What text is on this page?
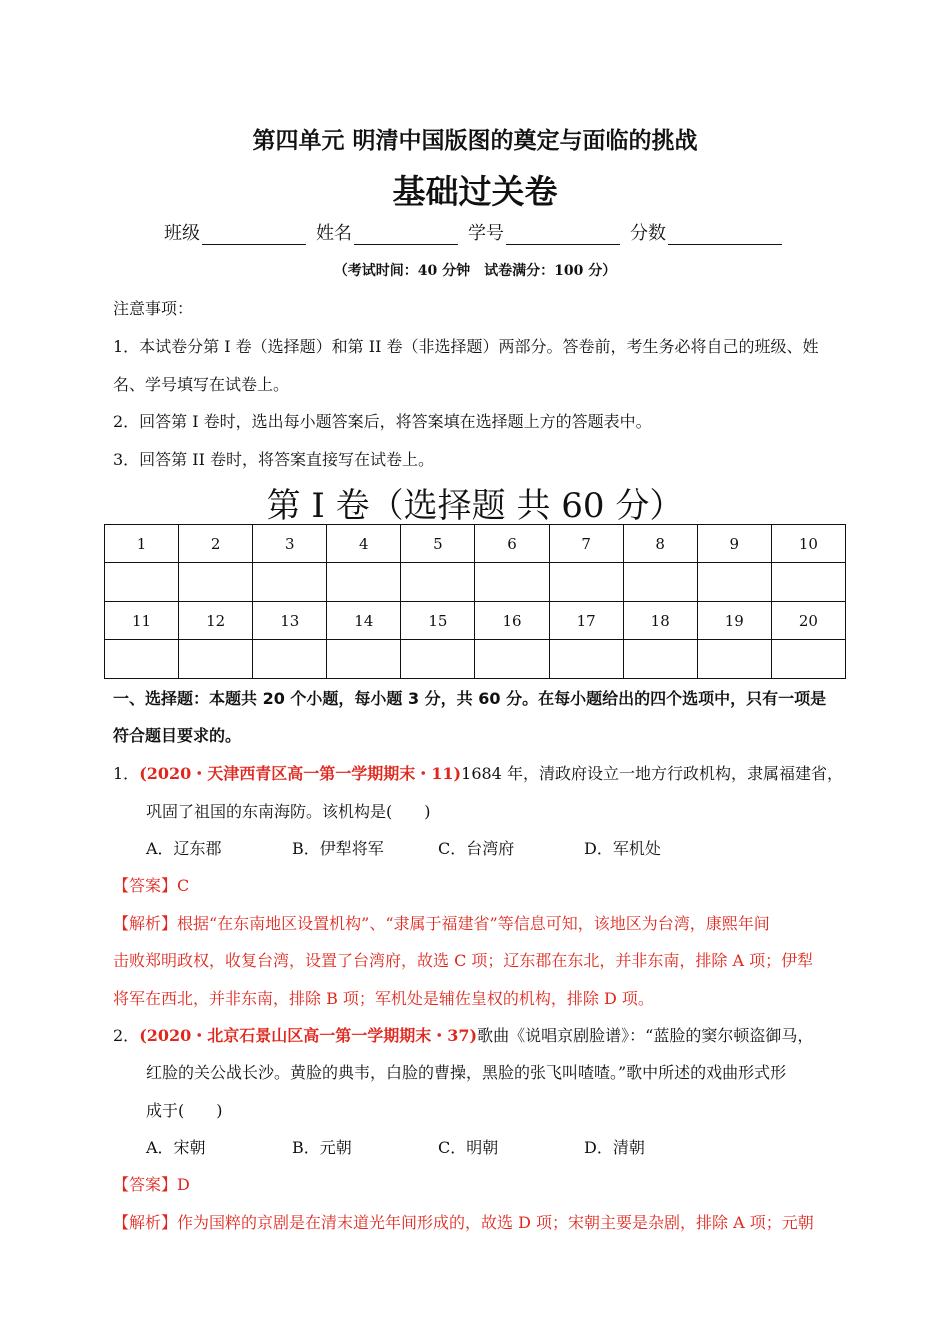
第四单元 明清中国版图的奠定与面临的挑战
基础过关卷
班级	姓名	学号	分数
（考试时间：40 分钟　试卷满分：100 分）
注意事项：
1．本试卷分第 I 卷（选择题）和第 II 卷（非选择题）两部分。答卷前，考生务必将自己的班级、姓
名、学号填写在试卷上。
2．回答第 I 卷时，选出每小题答案后，将答案填在选择题上方的答题表中。
3．回答第 II 卷时，将答案直接写在试卷上。
第 I 卷（选择题 共 60 分）
1	2	3	4	5	6	7	8	9	10

11	12	13	14	15	16	17	18	19	20

一、选择题：本题共 20 个小题，每小题 3 分，共 60 分。在每小题给出的四个选项中，只有一项是
符合题目要求的。
1．(2020・天津西青区高一第一学期期末・11)1684 年，清政府设立一地方行政机构，隶属福建省，
巩固了祖国的东南海防。该机构是(　　)
A．辽东郡	B．伊犁将军	C．台湾府	D．军机处
【答案】C
【解析】根据“在东南地区设置机构”、“隶属于福建省”等信息可知，该地区为台湾，康熙年间
击败郑明政权，收复台湾，设置了台湾府，故选 C 项；辽东郡在东北，并非东南，排除 A 项；伊犁
将军在西北，并非东南，排除 B 项；军机处是辅佐皇权的机构，排除 D 项。
2．(2020・北京石景山区高一第一学期期末・37)歌曲《说唱京剧脸谱》：“蓝脸的窦尔顿盗御马，
红脸的关公战长沙。黄脸的典韦，白脸的曹操，黑脸的张飞叫喳喳。”歌中所述的戏曲形式形
成于(　　)
A．宋朝	B．元朝	C．明朝	D．清朝
【答案】D
【解析】作为国粹的京剧是在清末道光年间形成的，故选 D 项；宋朝主要是杂剧，排除 A 项；元朝
